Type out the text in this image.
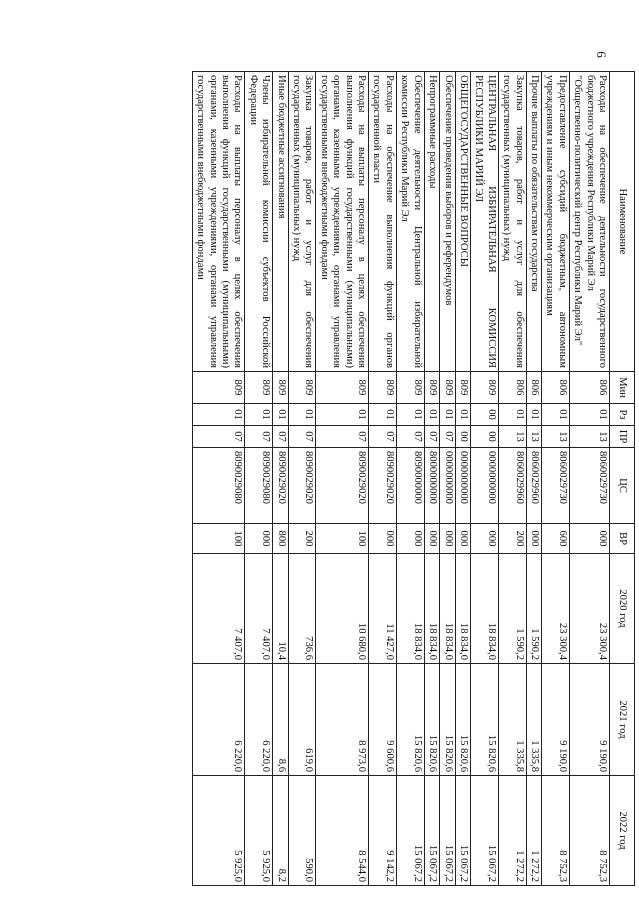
6
Наименование	Мин	Рз	ПР	ЦС	ВР	2020 год	2021 год	2022 год

Расходы на обеспечение деятельности государственного бюджетного учреждения Республики Марий Эл
"Общественно-политический центр Республики Марий Эл"	806	01	13	8060029730	000	23 300,4	9 190,0	8 752,3

Предоставление субсидий бюджетным, автономным учреждениям и иным некоммерческим организациям	806	01	13	8060029730	600	23 300,4	9 190,0	8 752,3

Прочие выплаты по обязательствам государства	806	01	13	8060029960	000	1 590,2	1 335,8	1 272,2

Закупка товаров, работ и услуг для обеспечения государственных (муниципальных) нужд	806	01	13	8060029960	200	1 590,2	1 335,8	1 272,2

ЦЕНТРАЛЬНАЯ ИЗБИРАТЕЛЬНАЯ КОМИССИЯ РЕСПУБЛИКИ МАРИЙ ЭЛ	809	00	00	0000000000	000	18 834,0	15 820,6	15 067,2

ОБЩЕГОСУДАРСТВЕННЫЕ ВОПРОСЫ	809	01	00	0000000000	000	18 834,0	15 820,6	15 067,2

Обеспечение проведения выборов и референдумов	809	01	07	0000000000	000	18 834,0	15 820,6	15 067,2

Непрограммные расходы	809	01	07	8000000000	000	18 834,0	15 820,6	15 067,2

Обеспечение деятельности Центральной избирательной комиссии Республики Марий Эл	809	01	07	8090000000	000	18 834,0	15 820,6	15 067,2

Расходы на обеспечение выполнения функций органов государственной власти	809	01	07	8090029020	000	11 427,0	9 600,6	9 142,2

Расходы на выплаты персоналу в целях обеспечения выполнения функций государственными (муниципальными) органами, казенными учреждениями, органами управления государственными внебюджетными фондами	809	01	07	8090029020	100	10 680,0	8 973,0	8 544,0

Закупка товаров, работ и услуг для обеспечения государственных (муниципальных) нужд	809	01	07	8090029020	200	736,6	619,0	590,0

Иные бюджетные ассигнования	809	01	07	8090029020	800	10,4	8,6	8,2

Члены избирательной комиссии субъектов Российской Федерации	809	01	07	8090029080	000	7 407,0	6 220,0	5 925,0

Расходы на выплаты персоналу в целях обеспечения выполнения функций государственными (муниципальными) органами, казенными учреждениями, органами управления государственными внебюджетными фондами	809	01	07	8090029080	100	7 407,0	6 220,0	5 925,0
